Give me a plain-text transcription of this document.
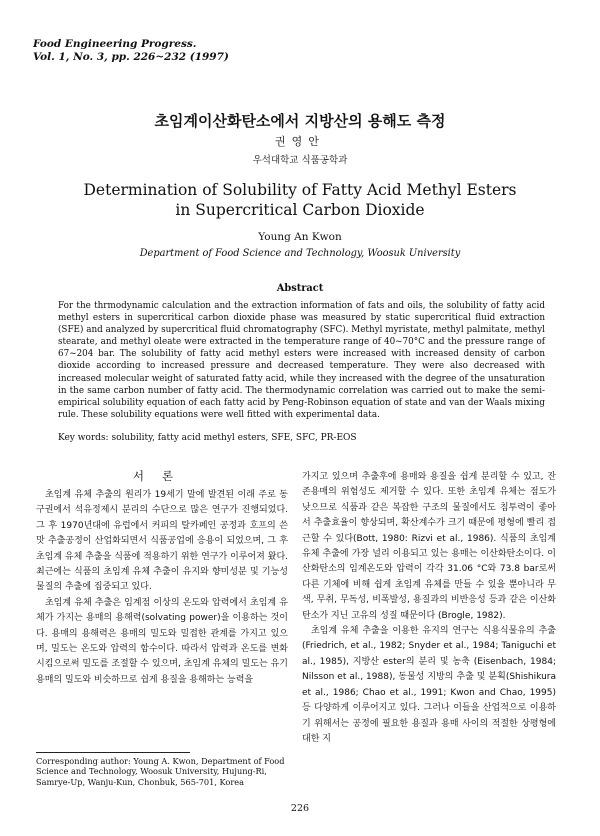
Food Engineering Progress.
Vol. 1, No. 3, pp. 226~232 (1997)
초임계이산화탄소에서 지방산의 용해도 측정
권영안
우석대학교 식품공학과
Determination of Solubility of Fatty Acid Methyl Esters
in Supercritical Carbon Dioxide
Young An Kwon
Department of Food Science and Technology, Woosuk University
Abstract
For the thrmodynamic calculation and the extraction information of fats and oils, the solubility of fatty acid methyl esters in supercritical carbon dioxide phase was measured by static supercritical fluid extraction (SFE) and analyzed by supercritical fluid chromatography (SFC). Methyl myristate, methyl palmitate, methyl stearate, and methyl oleate were extracted in the temperature range of 40~70°C and the pressure range of 67~204 bar. The solubility of fatty acid methyl esters were increased with increased density of carbon dioxide according to increased pressure and decreased temperature. They were also decreased with increased molecular weight of saturated fatty acid, while they increased with the degree of the unsaturation in the same carbon number of fatty acid. The thermodynamic correlation was carried out to make the semi-empirical solubility equation of each fatty acid by Peng-Robinson equation of state and van der Waals mixing rule. These solubility equations were well fitted with experimental data.
Key words: solubility, fatty acid methyl esters, SFE, SFC, PR-EOS
서론

초임계 유체 추출의 원리가 19세기 말에 발견된 이래 주로 동구권에서 석유정제시 분리의 수단으로 많은 연구가 진행되었다. 그 후 1970년대에 유럽에서 커피의 탈카페인 공정과 호프의 쓴 맛 추출공정이 산업화되면서 식품공업에 응용이 되었으며, 그 후 초임계 유체 추출을 식품에 적용하기 위한 연구가 이루어져 왔다. 최근에는 식품의 초임계 유체 추출이 유지와 향미성분 및 기능성 물질의 추출에 집중되고 있다.

초임계 유체 추출은 임계점 이상의 온도와 압력에서 초임계 유체가 가지는 용매의 용해력(solvating power)을 이용하는 것이다. 용매의 용해력은 용매의 밀도와 밀접한 관계를 가지고 있으며, 밀도는 온도와 압력의 함수이다. 따라서 압력과 온도를 변화시킴으로써 밀도를 조절할 수 있으며, 초임계 유체의 밀도는 유기용매의 밀도와 비슷하므로 쉽게 용질을 용해하는 능력을

가지고 있으며 추출후에 용매와 용질을 쉽게 분리할 수 있고, 잔존용매의 위험성도 제거할 수 있다. 또한 초임계 유체는 점도가 낮으므로 식품과 같은 복잡한 구조의 물질에서도 침투력이 좋아서 추출효율이 향상되며, 확산계수가 크기 때문에 평형에 빨리 접근할 수 있다(Bott, 1980: Rizvi et al., 1986). 식품의 초임계 유체 추출에 가장 널리 이용되고 있는 용매는 이산화탄소이다. 이산화탄소의 임계온도와 압력이 각각 31.06 °C와 73.8 bar로써 다른 기체에 비해 쉽게 초임계 유체를 만들 수 있을 뿐아니라 무색, 무취, 무독성, 비폭발성, 용질과의 비반응성 등과 같은 이산화탄소가 지닌 고유의 성질 때문이다 (Brogle, 1982).

초임계 유체 추출을 이용한 유지의 연구는 식용식물유의 추출(Friedrich, et al., 1982; Snyder et al., 1984; Taniguchi et al., 1985), 지방산 ester의 분리 및 농축 (Eisenbach, 1984; Nilsson et al., 1988), 동물성 지방의 추출 및 분획(Shishikura et al., 1986; Chao et al., 1991; Kwon and Chao, 1995) 등 다양하게 이루어지고 있다. 그러나 이들을 산업적으로 이용하기 위해서는 공정에 필요한 용질과 용매 사이의 적절한 상평형에 대한 지

Corresponding author: Young A. Kwon, Department of Food Science and Technology, Woosuk University, Hujung-Ri, Samrye-Up, Wanju-Kun, Chonbuk, 565-701, Korea
226
